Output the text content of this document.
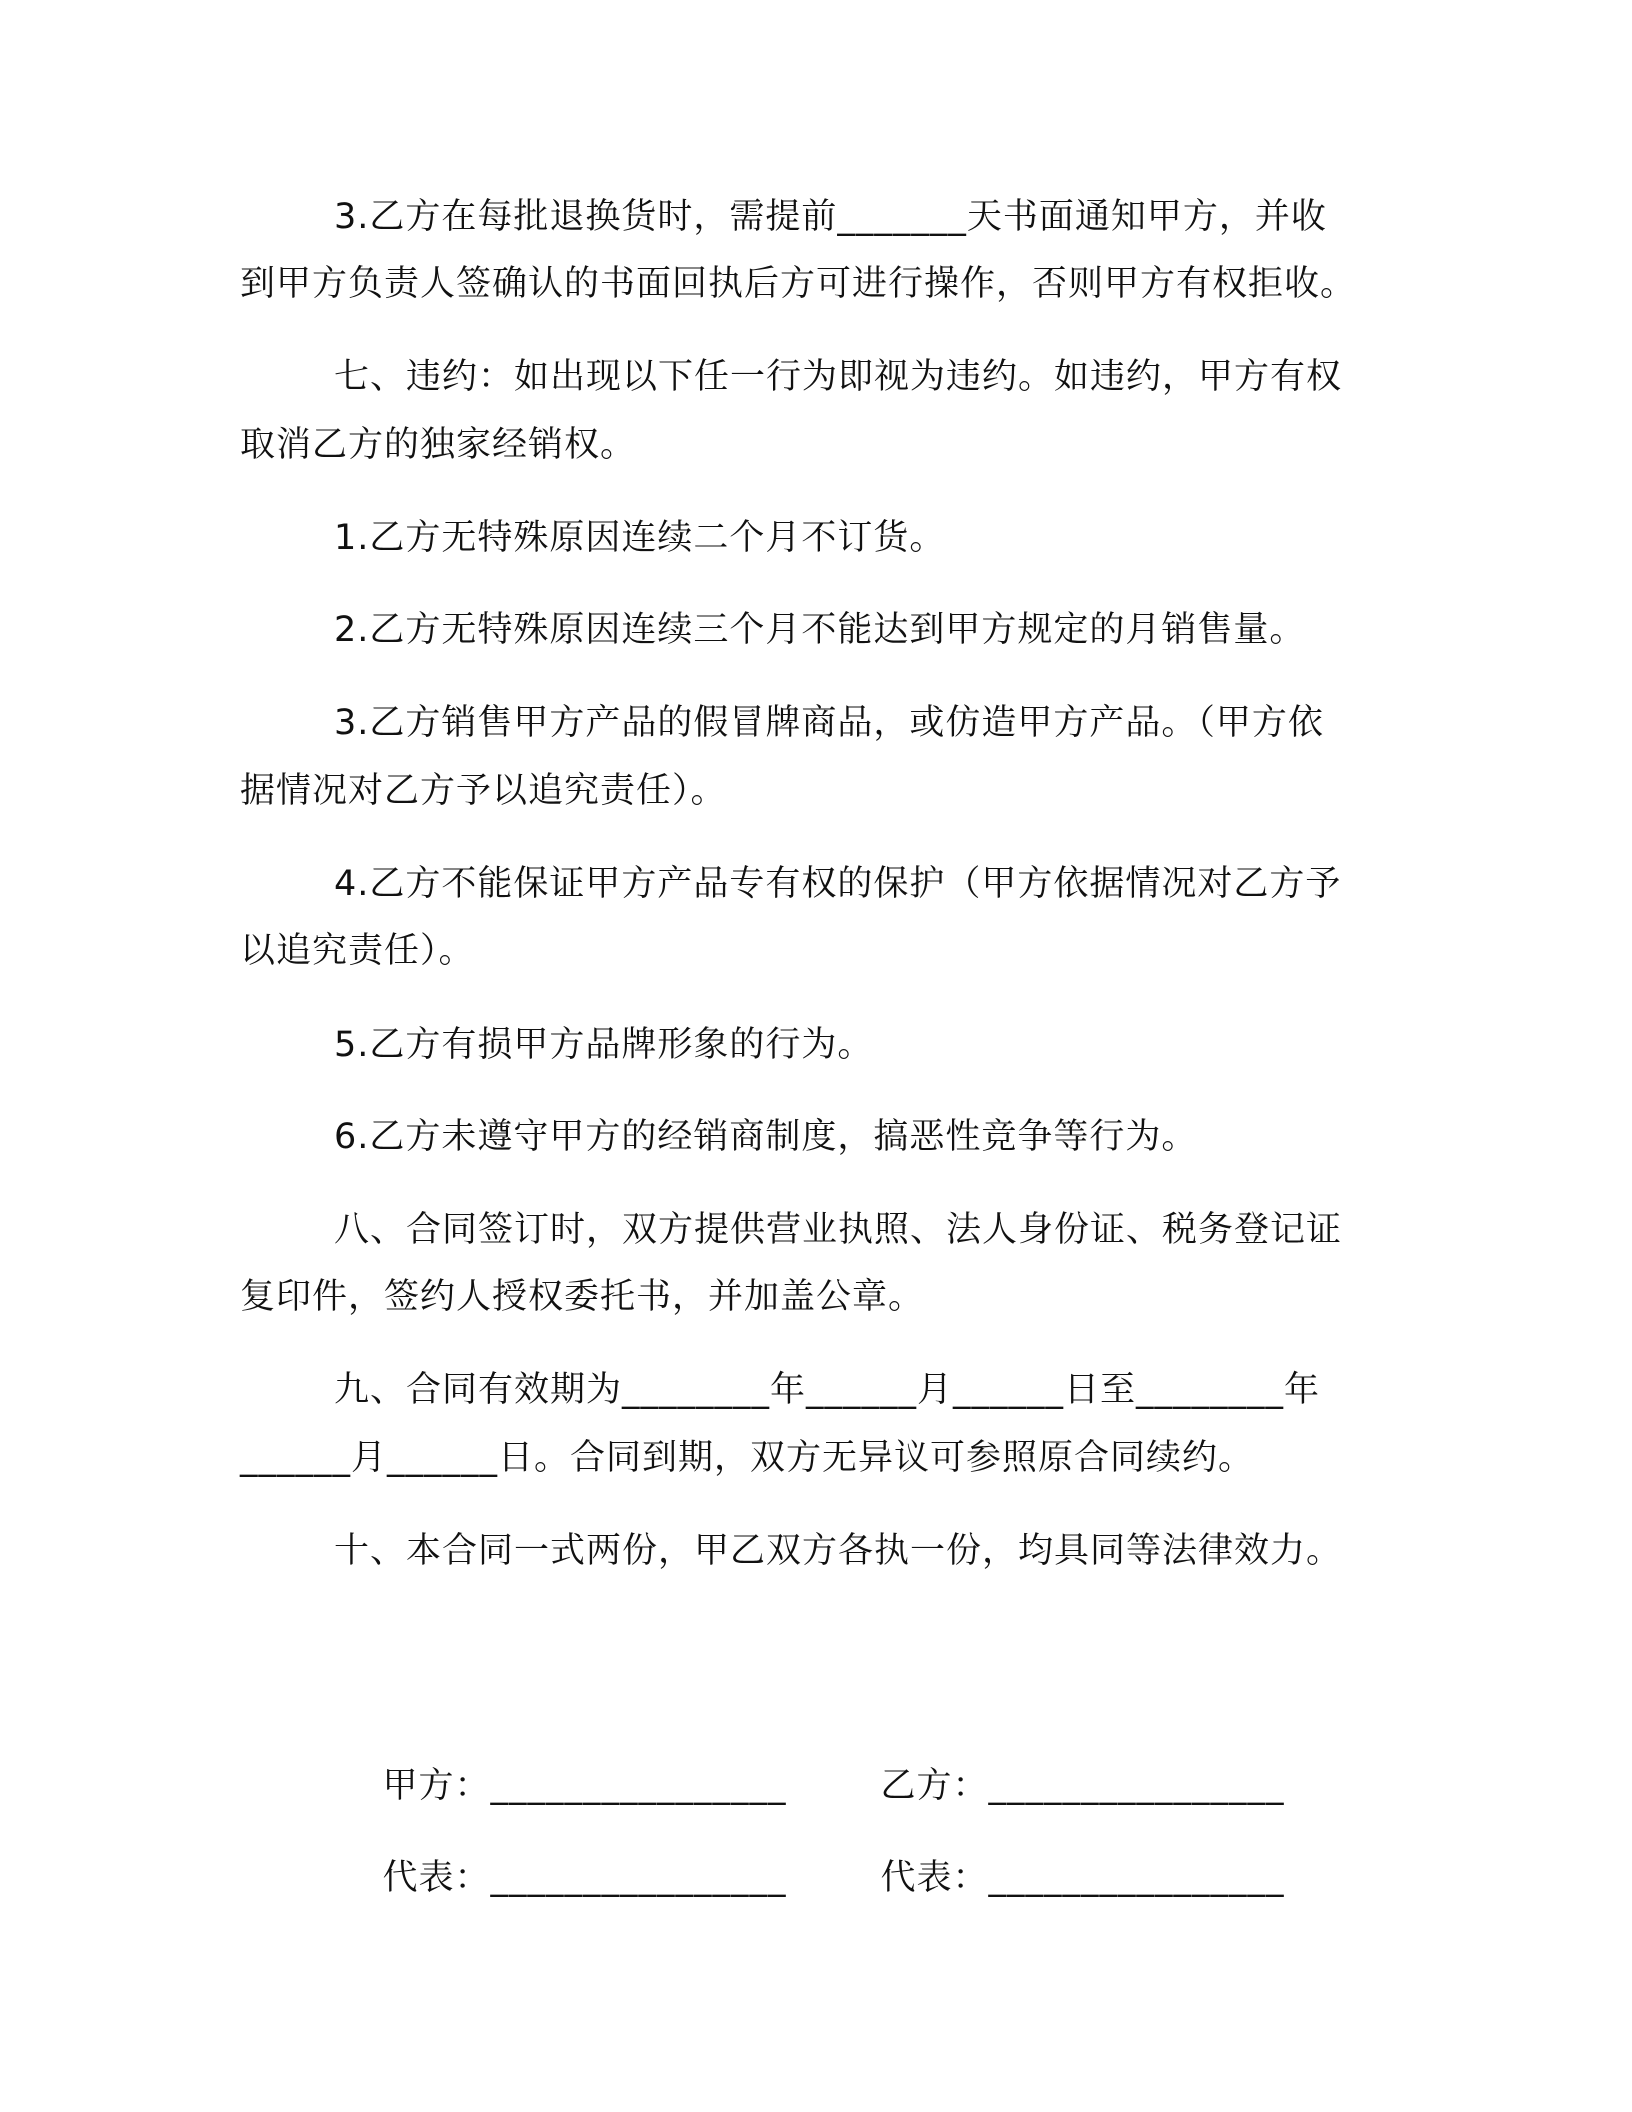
3.乙方在每批退换货时，需提前_______天书面通知甲方，并收
到甲方负责人签确认的书面回执后方可进行操作，否则甲方有权拒收。
七、违约：如出现以下任一行为即视为违约。如违约，甲方有权
取消乙方的独家经销权。
1.乙方无特殊原因连续二个月不订货。
2.乙方无特殊原因连续三个月不能达到甲方规定的月销售量。
3.乙方销售甲方产品的假冒牌商品，或仿造甲方产品。（甲方依
据情况对乙方予以追究责任）。
4.乙方不能保证甲方产品专有权的保护（甲方依据情况对乙方予
以追究责任）。
5.乙方有损甲方品牌形象的行为。
6.乙方未遵守甲方的经销商制度，搞恶性竞争等行为。
八、合同签订时，双方提供营业执照、法人身份证、税务登记证
复印件，签约人授权委托书，并加盖公章。
九、合同有效期为________年______月______日至________年
______月______日。合同到期，双方无异议可参照原合同续约。
十、本合同一式两份，甲乙双方各执一份，均具同等法律效力。

甲方：________________
	乙方：________________

代表：________________
	代表：________________
